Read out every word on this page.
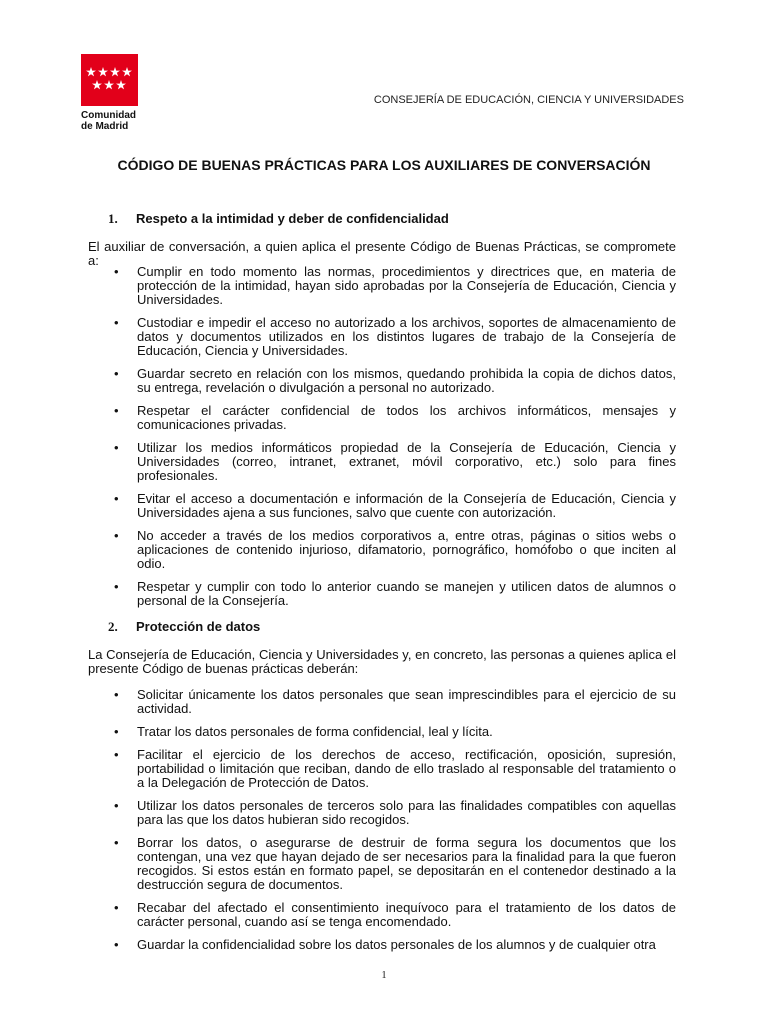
Comunidad
de Madrid
CONSEJERÍA DE EDUCACIÓN, CIENCIA Y UNIVERSIDADES
CÓDIGO DE BUENAS PRÁCTICAS PARA LOS AUXILIARES DE CONVERSACIÓN
1. Respeto a la intimidad y deber de confidencialidad
El auxiliar de conversación, a quien aplica el presente Código de Buenas Prácticas, se compromete a:
• Cumplir en todo momento las normas, procedimientos y directrices que, en materia de protección de la intimidad, hayan sido aprobadas por la Consejería de Educación, Ciencia y Universidades.
• Custodiar e impedir el acceso no autorizado a los archivos, soportes de almacenamiento de datos y documentos utilizados en los distintos lugares de trabajo de la Consejería de Educación, Ciencia y Universidades.
• Guardar secreto en relación con los mismos, quedando prohibida la copia de dichos datos, su entrega, revelación o divulgación a personal no autorizado.
• Respetar el carácter confidencial de todos los archivos informáticos, mensajes y comunicaciones privadas.
• Utilizar los medios informáticos propiedad de la Consejería de Educación, Ciencia y Universidades (correo, intranet, extranet, móvil corporativo, etc.) solo para fines profesionales.
• Evitar el acceso a documentación e información de la Consejería de Educación, Ciencia y Universidades ajena a sus funciones, salvo que cuente con autorización.
• No acceder a través de los medios corporativos a, entre otras, páginas o sitios webs o aplicaciones de contenido injurioso, difamatorio, pornográfico, homófobo o que inciten al odio.
• Respetar y cumplir con todo lo anterior cuando se manejen y utilicen datos de alumnos o personal de la Consejería.
2. Protección de datos
La Consejería de Educación, Ciencia y Universidades y, en concreto, las personas a quienes aplica el presente Código de buenas prácticas deberán:
• Solicitar únicamente los datos personales que sean imprescindibles para el ejercicio de su actividad.
• Tratar los datos personales de forma confidencial, leal y lícita.
• Facilitar el ejercicio de los derechos de acceso, rectificación, oposición, supresión, portabilidad o limitación que reciban, dando de ello traslado al responsable del tratamiento o a la Delegación de Protección de Datos.
• Utilizar los datos personales de terceros solo para las finalidades compatibles con aquellas para las que los datos hubieran sido recogidos.
• Borrar los datos, o asegurarse de destruir de forma segura los documentos que los contengan, una vez que hayan dejado de ser necesarios para la finalidad para la que fueron recogidos. Si estos están en formato papel, se depositarán en el contenedor destinado a la destrucción segura de documentos.
• Recabar del afectado el consentimiento inequívoco para el tratamiento de los datos de carácter personal, cuando así se tenga encomendado.
• Guardar la confidencialidad sobre los datos personales de los alumnos y de cualquier otra
1
